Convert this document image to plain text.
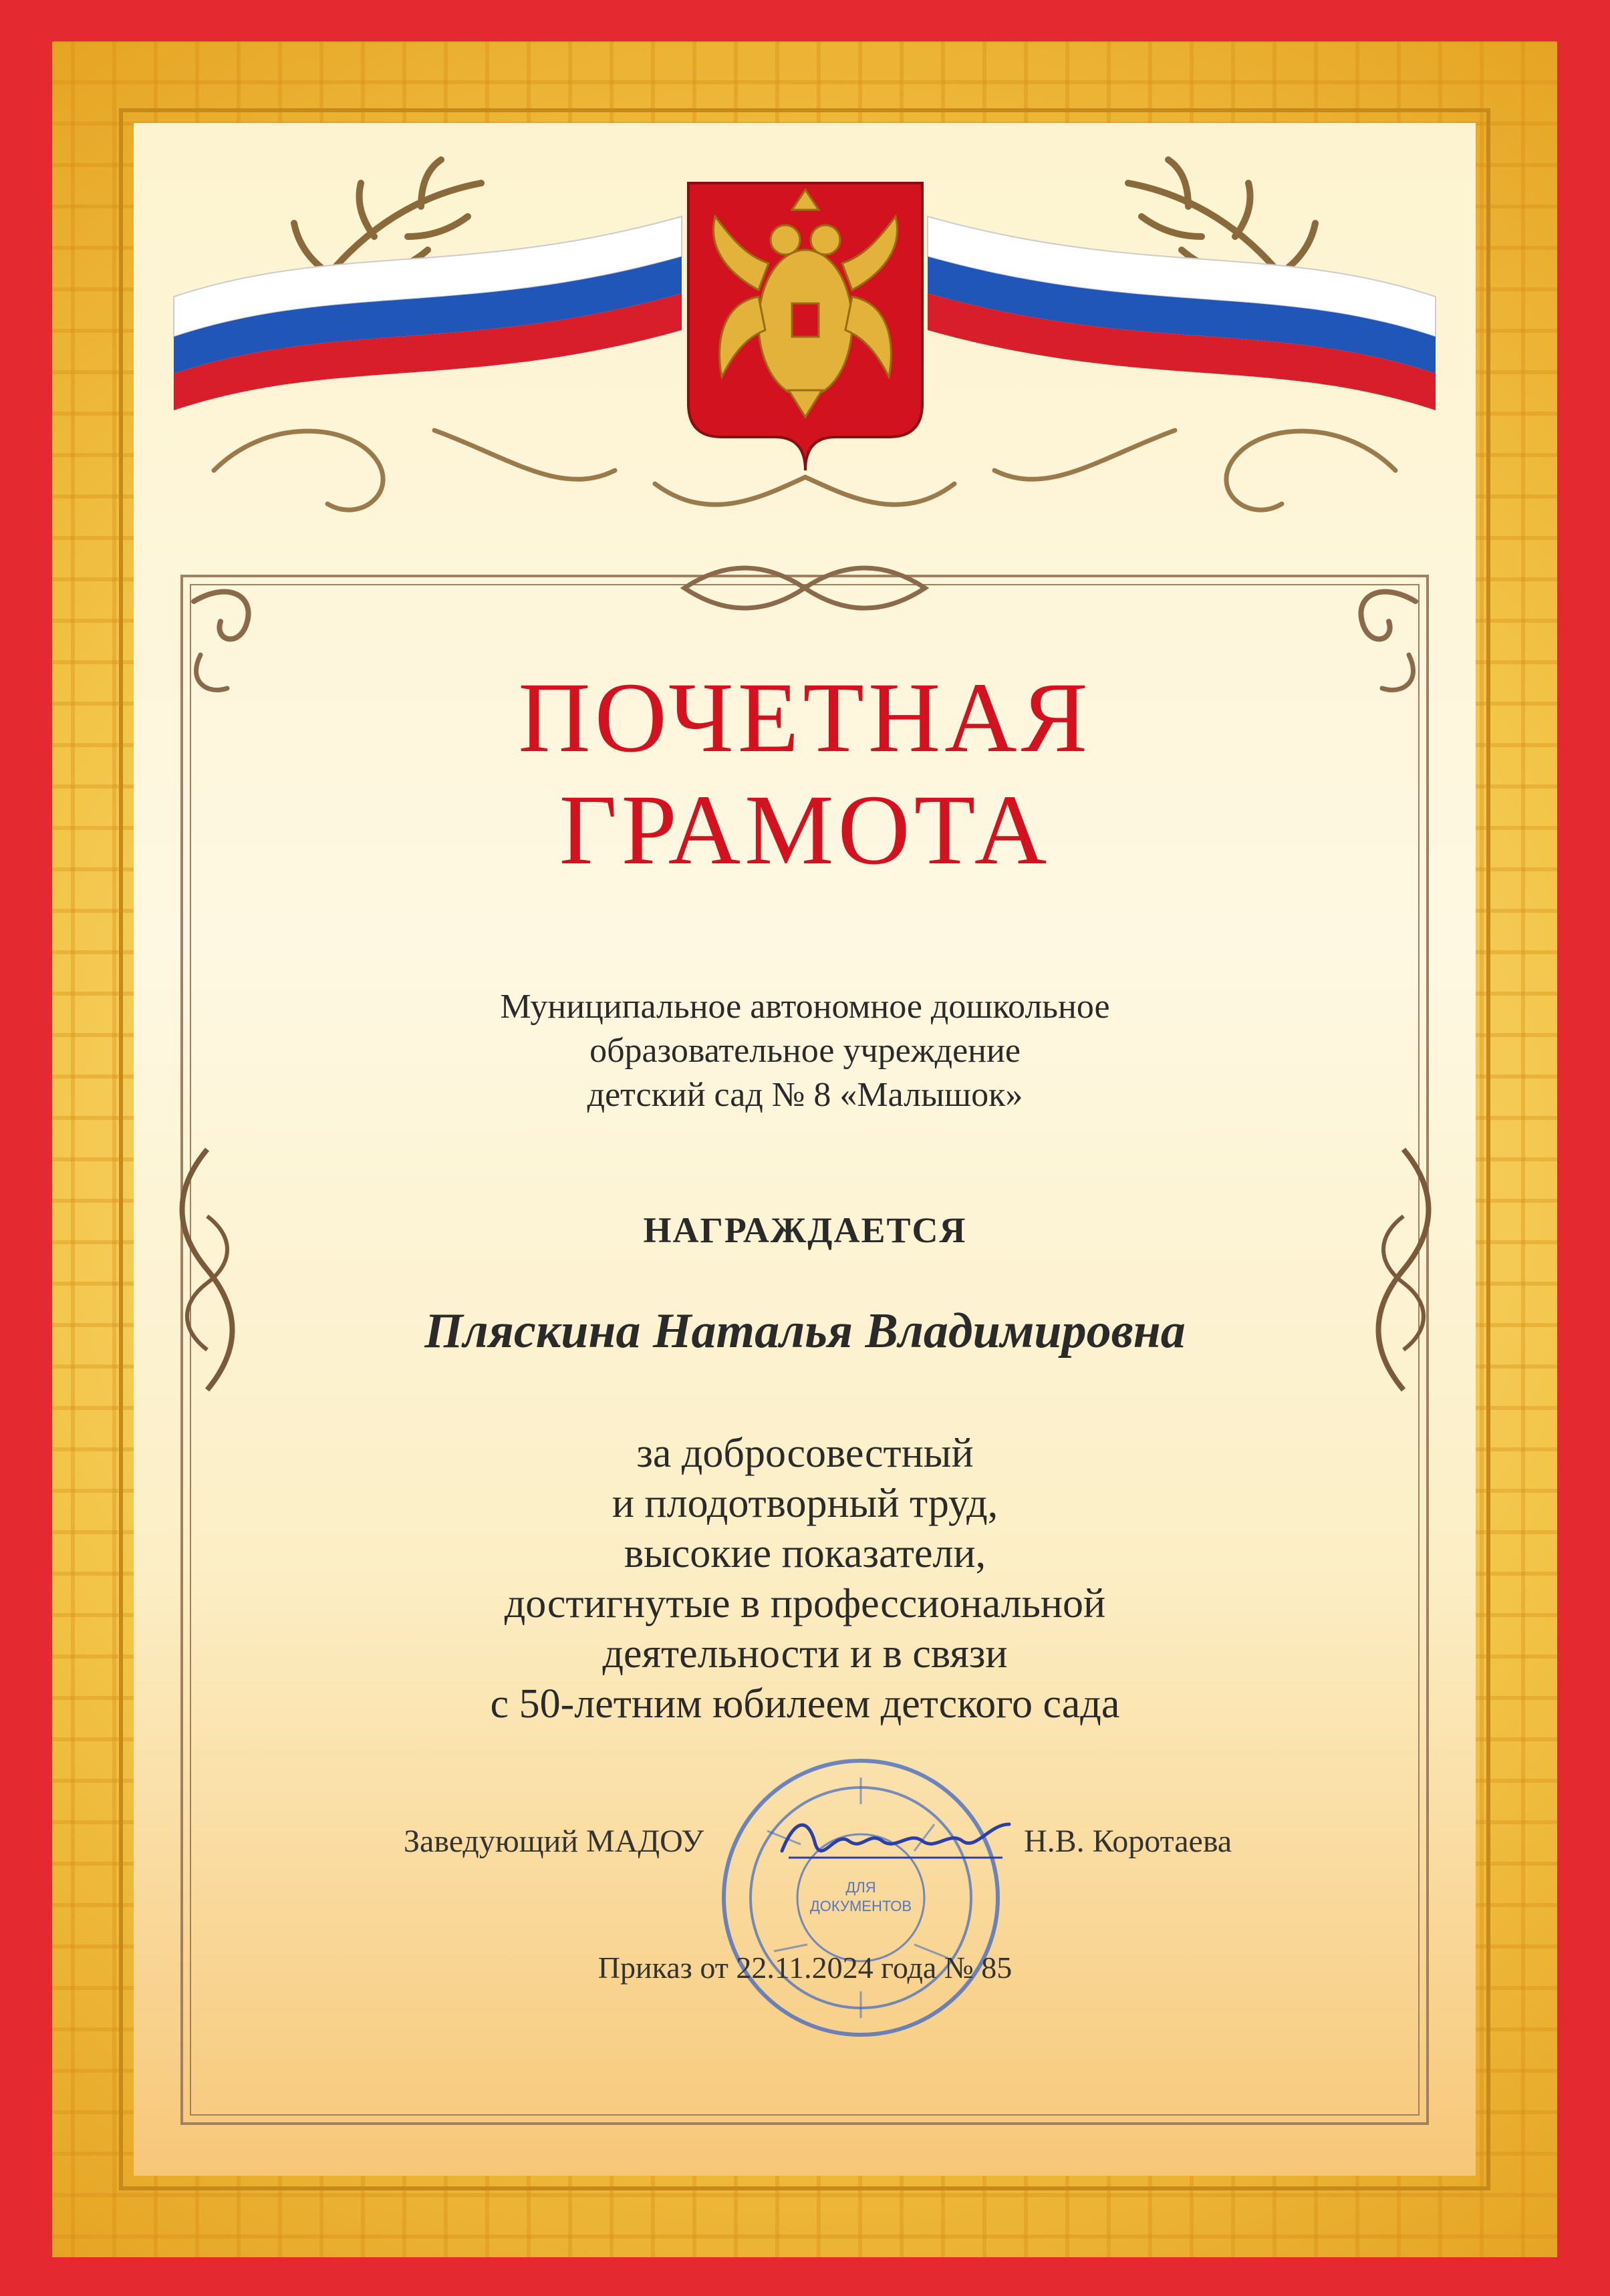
ПОЧЕТНАЯ
ГРАМОТА
Муниципальное автономное дошкольное
образовательное учреждение
детский сад № 8 «Малышок»
НАГРАЖДАЕТСЯ
Пляскина Наталья Владимировна
за добросовестный
и плодотворный труд,
высокие показатели,
достигнутые в профессиональной
деятельности и в связи
с 50-летним юбилеем детского сада
ДЛЯ
ДОКУМЕНТОВ
Заведующий МАДОУ	Н.В. Коротаева
Приказ от 22.11.2024 года № 85
